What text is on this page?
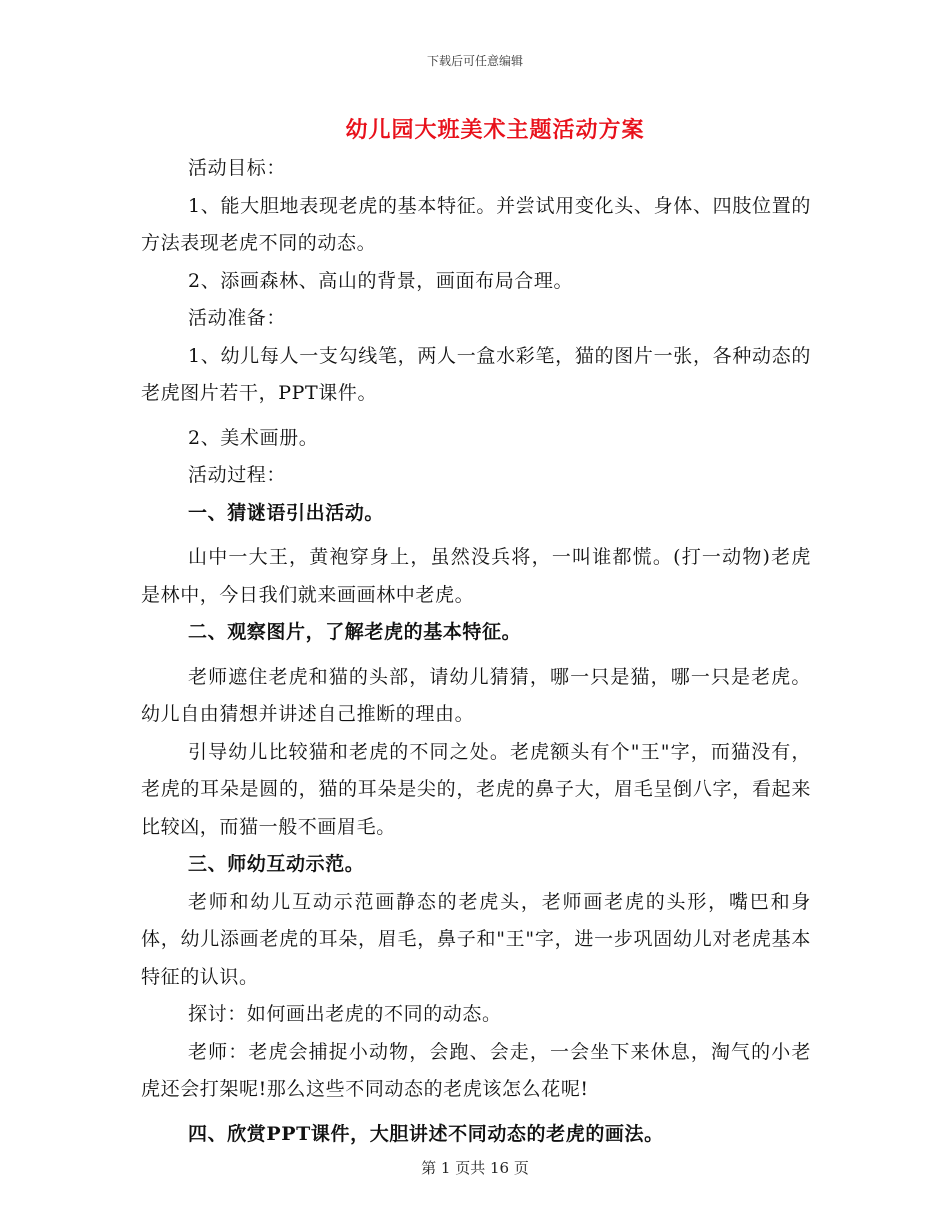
下载后可任意编辑
幼儿园大班美术主题活动方案

活动目标：

1、能大胆地表现老虎的基本特征。并尝试用变化头、身体、四肢位置的方法表现老虎不同的动态。

2、添画森林、高山的背景，画面布局合理。

活动准备：

1、幼儿每人一支勾线笔，两人一盒水彩笔，猫的图片一张，各种动态的老虎图片若干，PPT课件。

2、美术画册。

活动过程：

一、猜谜语引出活动。

山中一大王，黄袍穿身上，虽然没兵将，一叫谁都慌。(打一动物)老虎是林中，今日我们就来画画林中老虎。

二、观察图片，了解老虎的基本特征。

老师遮住老虎和猫的头部，请幼儿猜猜，哪一只是猫，哪一只是老虎。幼儿自由猜想并讲述自己推断的理由。

引导幼儿比较猫和老虎的不同之处。老虎额头有个"王"字，而猫没有，老虎的耳朵是圆的，猫的耳朵是尖的，老虎的鼻子大，眉毛呈倒八字，看起来比较凶，而猫一般不画眉毛。

三、师幼互动示范。

老师和幼儿互动示范画静态的老虎头，老师画老虎的头形，嘴巴和身体，幼儿添画老虎的耳朵，眉毛，鼻子和"王"字，进一步巩固幼儿对老虎基本特征的认识。

探讨：如何画出老虎的不同的动态。

老师：老虎会捕捉小动物，会跑、会走，一会坐下来休息，淘气的小老虎还会打架呢!那么这些不同动态的老虎该怎么花呢!

四、欣赏PPT课件，大胆讲述不同动态的老虎的画法。

第 1 页共 16 页
